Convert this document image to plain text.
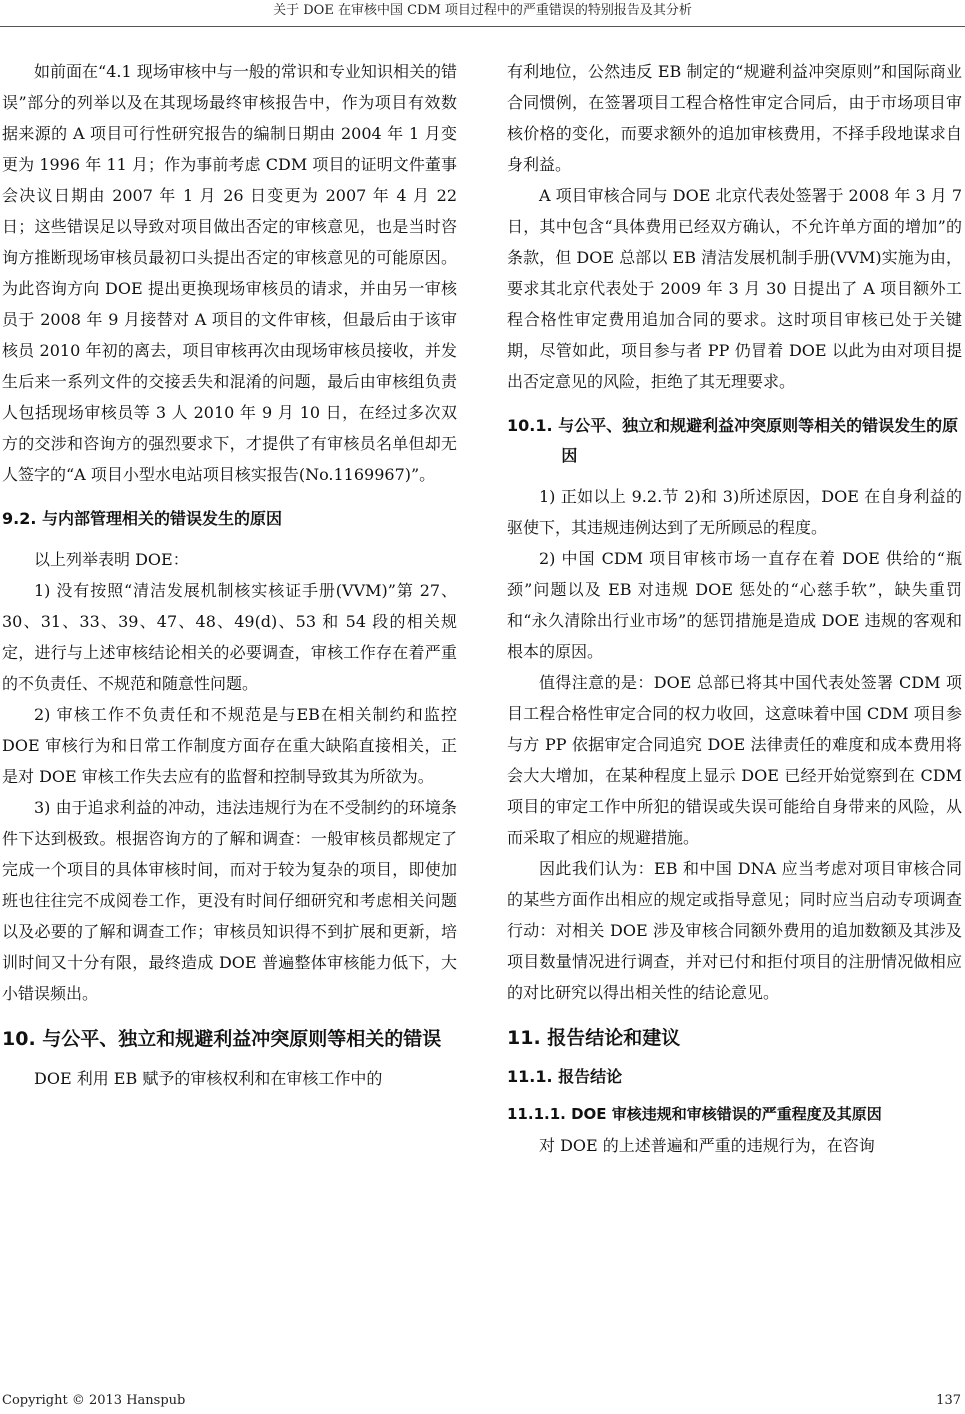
关于 DOE 在审核中国 CDM 项目过程中的严重错误的特别报告及其分析

如前面在“4.1 现场审核中与一般的常识和专业知识相关的错误”部分的列举以及在其现场最终审核报告中，作为项目有效数据来源的 A 项目可行性研究报告的编制日期由 2004 年 1 月变更为 1996 年 11 月；作为事前考虑 CDM 项目的证明文件董事会决议日期由 2007 年 1 月 26 日变更为 2007 年 4 月 22 日；这些错误足以导致对项目做出否定的审核意见，也是当时咨询方推断现场审核员最初口头提出否定的审核意见的可能原因。为此咨询方向 DOE 提出更换现场审核员的请求，并由另一审核员于 2008 年 9 月接替对 A 项目的文件审核，但最后由于该审核员 2010 年初的离去，项目审核再次由现场审核员接收，并发生后来一系列文件的交接丢失和混淆的问题，最后由审核组负责人包括现场审核员等 3 人 2010 年 9 月 10 日，在经过多次双方的交涉和咨询方的强烈要求下，才提供了有审核员名单但却无人签字的“A 项目小型水电站项目核实报告(No.1169967)”。

9.2. 与内部管理相关的错误发生的原因

以上列举表明 DOE：

1) 没有按照“清洁发展机制核实核证手册(VVM)”第 27、30、31、33、39、47、48、49(d)、53 和 54 段的相关规定，进行与上述审核结论相关的必要调查，审核工作存在着严重的不负责任、不规范和随意性问题。

2) 审核工作不负责任和不规范是与EB在相关制约和监控 DOE 审核行为和日常工作制度方面存在重大缺陷直接相关，正是对 DOE 审核工作失去应有的监督和控制导致其为所欲为。

3) 由于追求利益的冲动，违法违规行为在不受制约的环境条件下达到极致。根据咨询方的了解和调查：一般审核员都规定了完成一个项目的具体审核时间，而对于较为复杂的项目，即使加班也往往完不成阅卷工作，更没有时间仔细研究和考虑相关问题以及必要的了解和调查工作；审核员知识得不到扩展和更新，培训时间又十分有限，最终造成 DOE 普遍整体审核能力低下，大小错误频出。

10. 与公平、独立和规避利益冲突原则等相关的错误

DOE 利用 EB 赋予的审核权利和在审核工作中的

有利地位，公然违反 EB 制定的“规避利益冲突原则”和国际商业合同惯例，在签署项目工程合格性审定合同后，由于市场项目审核价格的变化，而要求额外的追加审核费用，不择手段地谋求自身利益。

A 项目审核合同与 DOE 北京代表处签署于 2008 年 3 月 7 日，其中包含“具体费用已经双方确认，不允许单方面的增加”的条款，但 DOE 总部以 EB 清洁发展机制手册(VVM)实施为由，要求其北京代表处于 2009 年 3 月 30 日提出了 A 项目额外工程合格性审定费用追加合同的要求。这时项目审核已处于关键期，尽管如此，项目参与者 PP 仍冒着 DOE 以此为由对项目提出否定意见的风险，拒绝了其无理要求。

10.1. 与公平、独立和规避利益冲突原则等相关的错误发生的原因

1) 正如以上 9.2.节 2)和 3)所述原因，DOE 在自身利益的驱使下，其违规违例达到了无所顾忌的程度。

2) 中国 CDM 项目审核市场一直存在着 DOE 供给的“瓶颈”问题以及 EB 对违规 DOE 惩处的“心慈手软”，缺失重罚和“永久清除出行业市场”的惩罚措施是造成 DOE 违规的客观和根本的原因。

值得注意的是：DOE 总部已将其中国代表处签署 CDM 项目工程合格性审定合同的权力收回，这意味着中国 CDM 项目参与方 PP 依据审定合同追究 DOE 法律责任的难度和成本费用将会大大增加，在某种程度上显示 DOE 已经开始觉察到在 CDM 项目的审定工作中所犯的错误或失误可能给自身带来的风险，从而采取了相应的规避措施。

因此我们认为：EB 和中国 DNA 应当考虑对项目审核合同的某些方面作出相应的规定或指导意见；同时应当启动专项调查行动：对相关 DOE 涉及审核合同额外费用的追加数额及其涉及项目数量情况进行调查，并对已付和拒付项目的注册情况做相应的对比研究以得出相关性的结论意见。

11. 报告结论和建议
11.1. 报告结论
11.1.1. DOE 审核违规和审核错误的严重程度及其原因

对 DOE 的上述普遍和严重的违规行为，在咨询

Copyright © 2013 Hanspub	137
